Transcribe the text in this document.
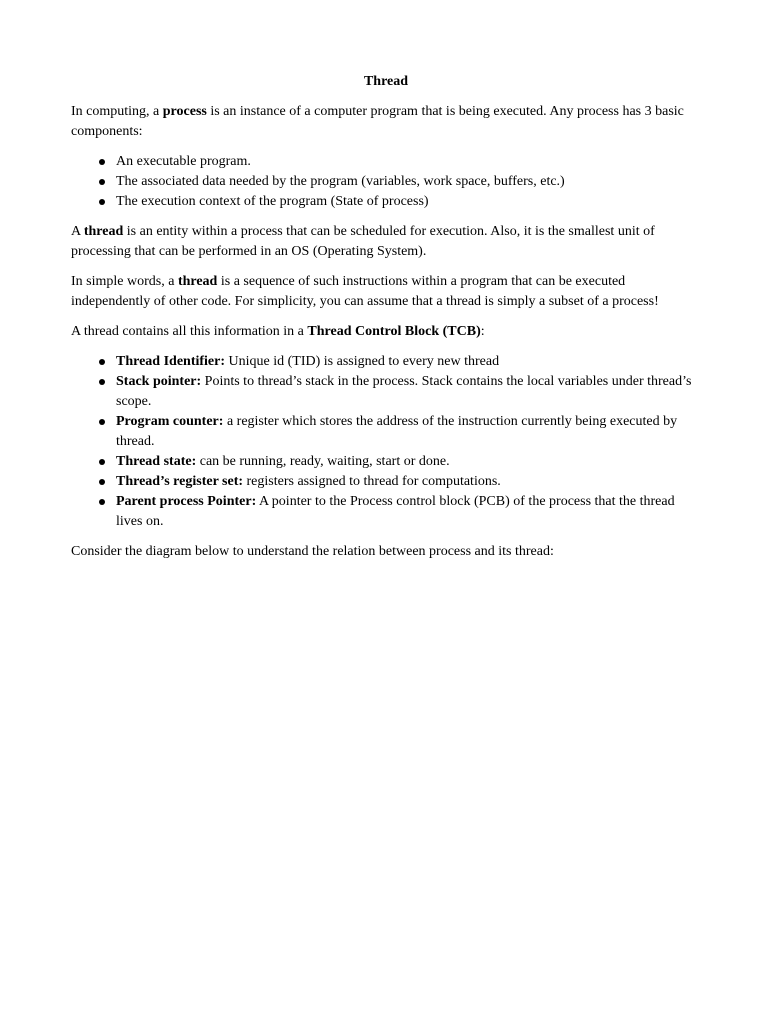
Thread

In computing, a process is an instance of a computer program that is being executed. Any process has 3 basic components:

An executable program.
The associated data needed by the program (variables, work space, buffers, etc.)
The execution context of the program (State of process)

A thread is an entity within a process that can be scheduled for execution. Also, it is the smallest unit of processing that can be performed in an OS (Operating System).

In simple words, a thread is a sequence of such instructions within a program that can be executed independently of other code. For simplicity, you can assume that a thread is simply a subset of a process!

A thread contains all this information in a Thread Control Block (TCB):

Thread Identifier: Unique id (TID) is assigned to every new thread
Stack pointer: Points to thread’s stack in the process. Stack contains the local variables under thread’s scope.
Program counter: a register which stores the address of the instruction currently being executed by thread.
Thread state: can be running, ready, waiting, start or done.
Thread’s register set: registers assigned to thread for computations.
Parent process Pointer: A pointer to the Process control block (PCB) of the process that the thread lives on.

Consider the diagram below to understand the relation between process and its thread:
